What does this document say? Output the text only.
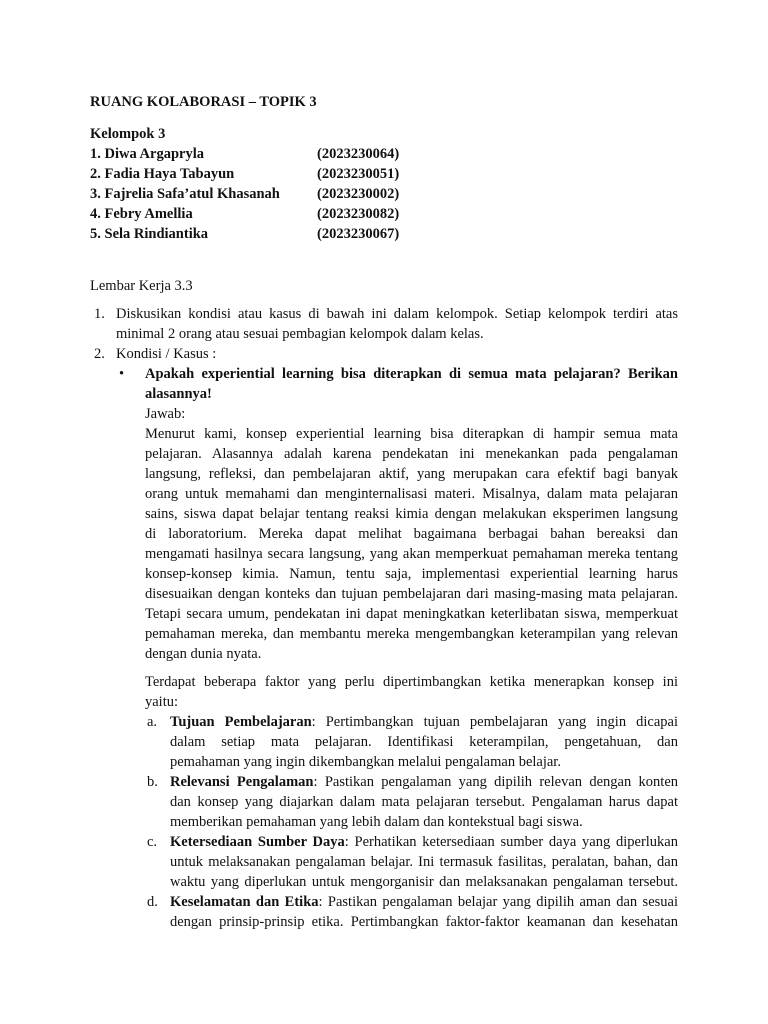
RUANG KOLABORASI – TOPIK 3
Kelompok 3
1. Diwa Argapryla	(2023230064)
2. Fadia Haya Tabayun	(2023230051)
3. Fajrelia Safa’atul Khasanah	(2023230002)
4. Febry Amellia	(2023230082)
5. Sela Rindiantika	(2023230067)
Lembar Kerja 3.3
1. Diskusikan kondisi atau kasus di bawah ini dalam kelompok. Setiap kelompok terdiri atas
minimal 2 orang atau sesuai pembagian kelompok dalam kelas.
2. Kondisi / Kasus :
• Apakah experiential learning bisa diterapkan di semua mata pelajaran? Berikan
alasannya!
Jawab:
Menurut kami, konsep experiential learning bisa diterapkan di hampir semua mata
pelajaran. Alasannya adalah karena pendekatan ini menekankan pada pengalaman
langsung, refleksi, dan pembelajaran aktif, yang merupakan cara efektif bagi banyak
orang untuk memahami dan menginternalisasi materi. Misalnya, dalam mata pelajaran
sains, siswa dapat belajar tentang reaksi kimia dengan melakukan eksperimen langsung
di laboratorium. Mereka dapat melihat bagaimana berbagai bahan bereaksi dan
mengamati hasilnya secara langsung, yang akan memperkuat pemahaman mereka tentang
konsep-konsep kimia. Namun, tentu saja, implementasi experiential learning harus
disesuaikan dengan konteks dan tujuan pembelajaran dari masing-masing mata pelajaran.
Tetapi secara umum, pendekatan ini dapat meningkatkan keterlibatan siswa, memperkuat
pemahaman mereka, dan membantu mereka mengembangkan keterampilan yang relevan
dengan dunia nyata.
Terdapat beberapa faktor yang perlu dipertimbangkan ketika menerapkan konsep ini
yaitu:
a. Tujuan Pembelajaran: Pertimbangkan tujuan pembelajaran yang ingin dicapai
dalam setiap mata pelajaran. Identifikasi keterampilan, pengetahuan, dan
pemahaman yang ingin dikembangkan melalui pengalaman belajar.
b. Relevansi Pengalaman: Pastikan pengalaman yang dipilih relevan dengan konten
dan konsep yang diajarkan dalam mata pelajaran tersebut. Pengalaman harus dapat
memberikan pemahaman yang lebih dalam dan kontekstual bagi siswa.
c. Ketersediaan Sumber Daya: Perhatikan ketersediaan sumber daya yang diperlukan
untuk melaksanakan pengalaman belajar. Ini termasuk fasilitas, peralatan, bahan, dan
waktu yang diperlukan untuk mengorganisir dan melaksanakan pengalaman tersebut.
d. Keselamatan dan Etika: Pastikan pengalaman belajar yang dipilih aman dan sesuai
dengan prinsip-prinsip etika. Pertimbangkan faktor-faktor keamanan dan kesehatan
